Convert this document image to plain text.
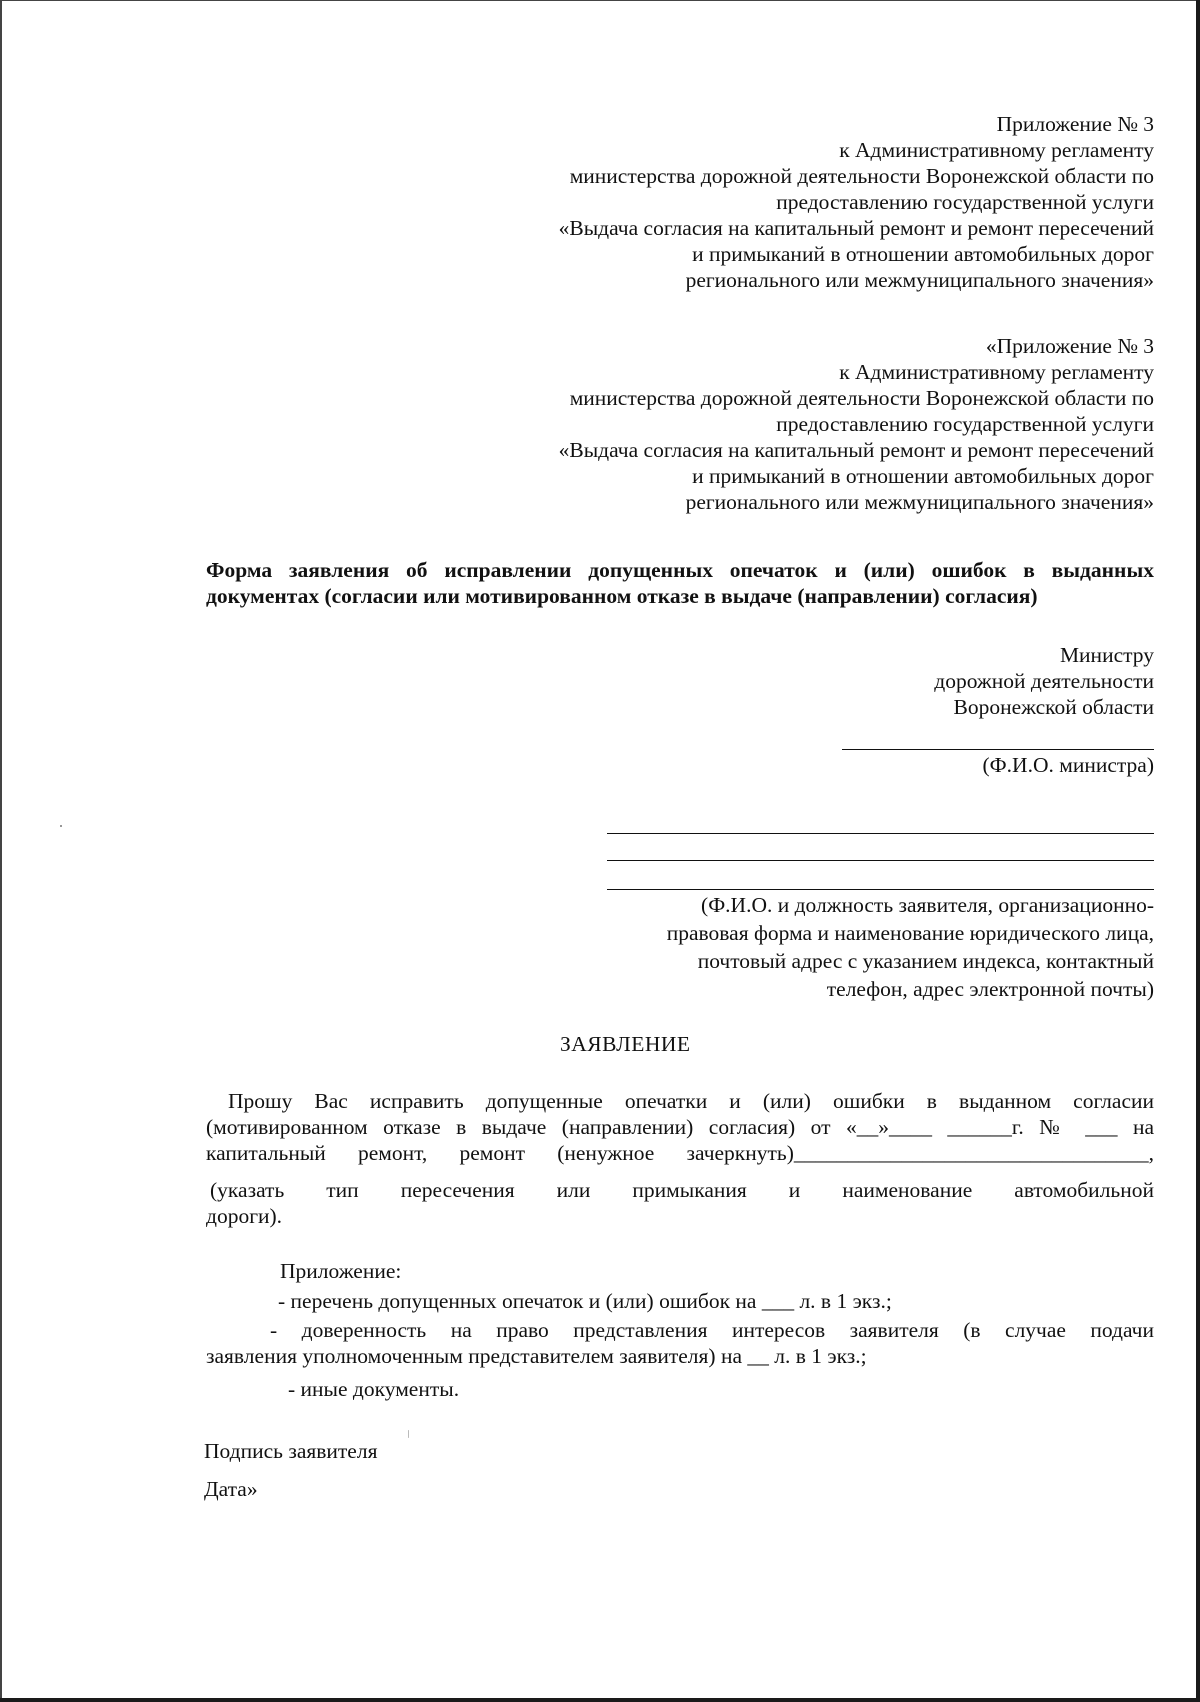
Приложение № 3
к Административному регламенту
министерства дорожной деятельности Воронежской области по
предоставлению государственной услуги
«Выдача согласия на капитальный ремонт и ремонт пересечений
и примыканий в отношении автомобильных дорог
регионального или межмуниципального значения»
«Приложение № 3
к Административному регламенту
министерства дорожной деятельности Воронежской области по
предоставлению государственной услуги
«Выдача согласия на капитальный ремонт и ремонт пересечений
и примыканий в отношении автомобильных дорог
регионального или межмуниципального значения»
Форма заявления об исправлении допущенных опечаток и (или) ошибок в выданных
документах (согласии или мотивированном отказе в выдаче (направлении) согласия)
Министру
дорожной деятельности
Воронежской области
(Ф.И.О. министра)
(Ф.И.О. и должность заявителя, организационно-
правовая форма и наименование юридического лица,
почтовый адрес с указанием индекса, контактный
телефон, адрес электронной почты)
ЗАЯВЛЕНИЕ
Прошу Вас исправить допущенные опечатки и (или) ошибки в выданном согласии
(мотивированном отказе в выдаче (направлении) согласия) от «__»____ ______г. № ___ на
капитальный ремонт, ремонт (ненужное зачеркнуть)_________________________________,
(указать тип пересечения или примыкания и наименование автомобильной
дороги).
Приложение:
- перечень допущенных опечаток и (или) ошибок на ___ л. в 1 экз.;
- доверенность на право представления интересов заявителя (в случае подачи
заявления уполномоченным представителем заявителя) на __ л. в 1 экз.;
- иные документы.
Подпись заявителя
Дата»
